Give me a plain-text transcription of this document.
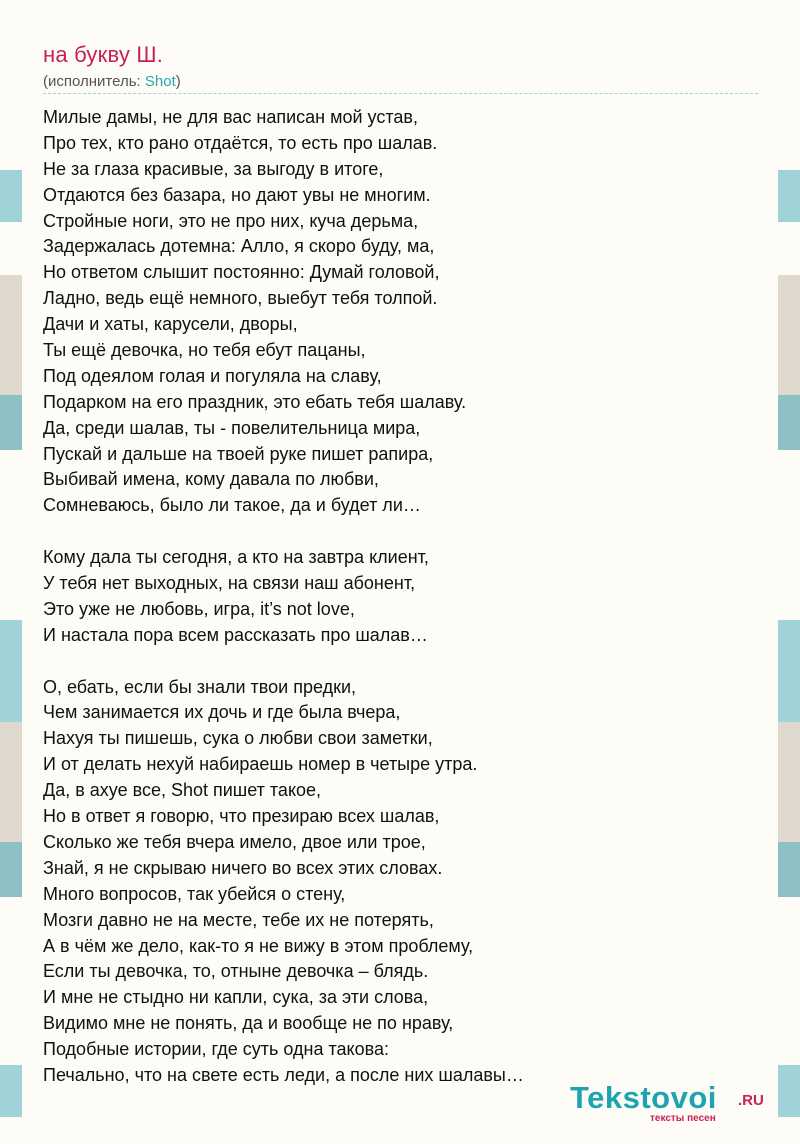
на букву Ш.
(исполнитель: Shot)
Милые дамы, не для вас написан мой устав,
Про тех, кто рано отдаётся, то есть про шалав.
Не за глаза красивые, за выгоду в итоге,
Отдаются без базара, но дают увы не многим.
Стройные ноги, это не про них, куча дерьма,
Задержалась дотемна: Алло, я скоро буду, ма,
Но ответом слышит постоянно: Думай головой,
Ладно, ведь ещё немного, выебут тебя толпой.
Дачи и хаты, карусели, дворы,
Ты ещё девочка, но тебя ебут пацаны,
Под одеялом голая и погуляла на славу,
Подарком на его праздник, это ебать тебя шалаву.
Да, среди шалав, ты - повелительница мира,
Пускай и дальше на твоей руке пишет рапира,
Выбивай имена, кому давала по любви,
Сомневаюсь, было ли такое, да и будет ли…
Кому дала ты сегодня, а кто на завтра клиент,
У тебя нет выходных, на связи наш абонент,
Это уже не любовь, игра, it’s not love,
И настала пора всем рассказать про шалав…
О, ебать, если бы знали твои предки,
Чем занимается их дочь и где была вчера,
Нахуя ты пишешь, сука о любви свои заметки,
И от делать нехуй набираешь номер в четыре утра.
Да, в ахуе все, Shot пишет такое,
Но в ответ я говорю, что презираю всех шалав,
Сколько же тебя вчера имело, двое или трое,
Знай, я не скрываю ничего во всех этих словах.
Много вопросов, так убейся о стену,
Мозги давно не на месте, тебе их не потерять,
А в чём же дело, как-то я не вижу в этом проблему,
Если ты девочка, то, отныне девочка – блядь.
И мне не стыдно ни капли, сука, за эти слова,
Видимо мне не понять, да и вообще не по нраву,
Подобные истории, где суть одна такова:
Печально, что на свете есть леди, а после них шалавы…
Tekstovoi .RU
тексты песен
